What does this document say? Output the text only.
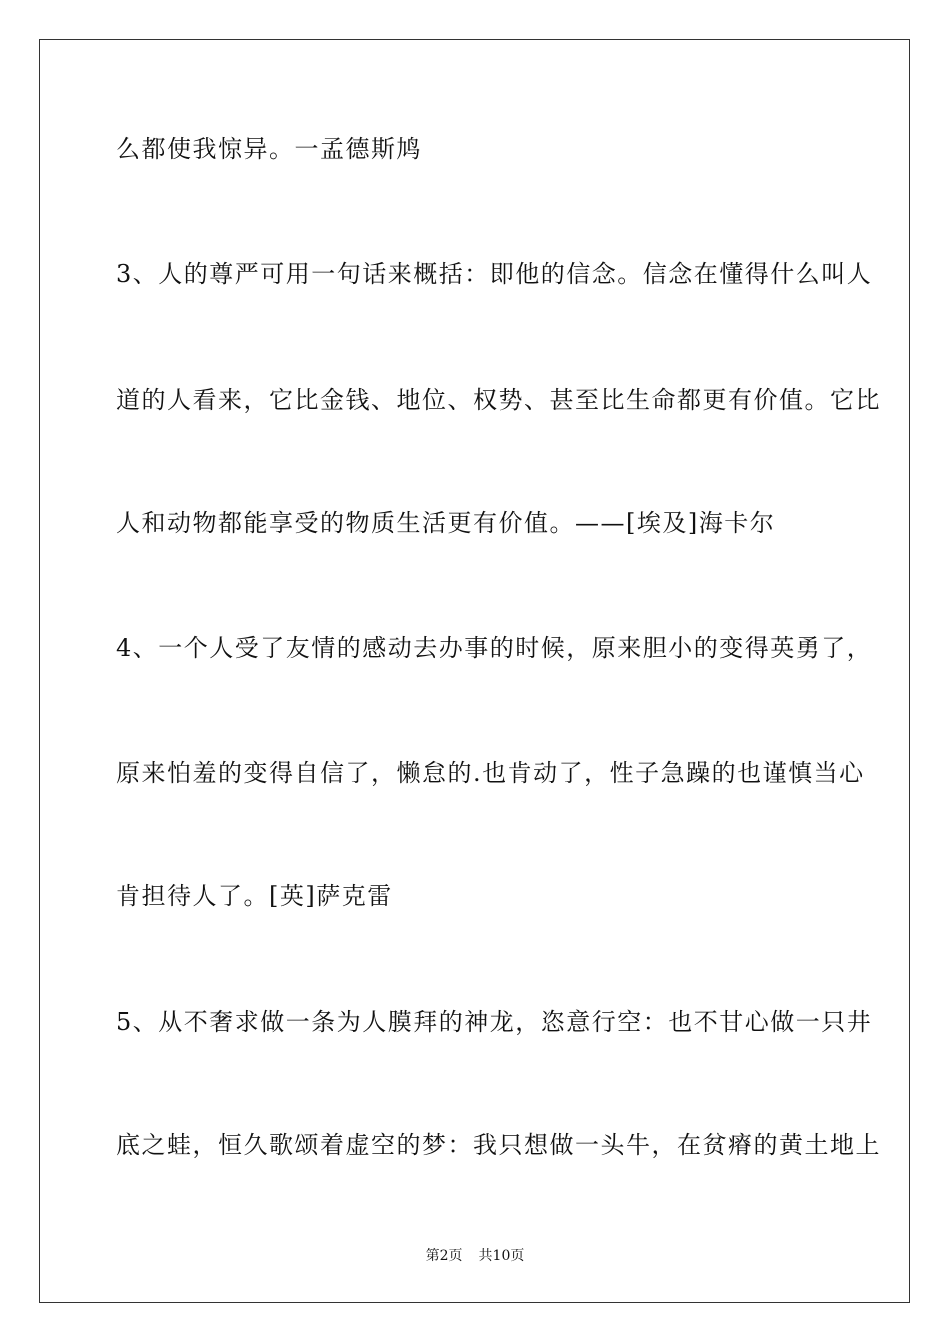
么都使我惊异。一孟德斯鸠
3、人的尊严可用一句话来概括：即他的信念。信念在懂得什么叫人
道的人看来，它比金钱、地位、权势、甚至比生命都更有价值。它比
人和动物都能享受的物质生活更有价值。——[埃及]海卡尔
4、一个人受了友情的感动去办事的时候，原来胆小的变得英勇了，
原来怕羞的变得自信了，懒怠的.也肯动了，性子急躁的也谨慎当心
肯担待人了。[英]萨克雷
5、从不奢求做一条为人膜拜的神龙，恣意行空：也不甘心做一只井
底之蛙，恒久歌颂着虚空的梦：我只想做一头牛，在贫瘠的黄土地上
第2页 共10页
